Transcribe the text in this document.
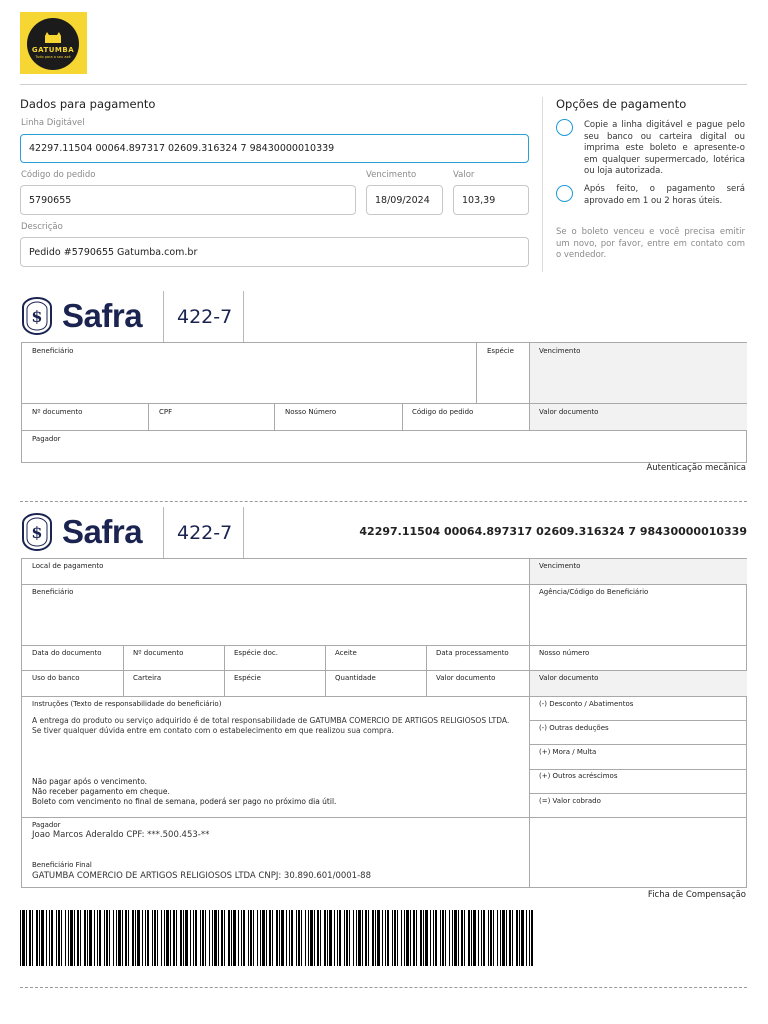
GATUMBA
Tudo para o seu axé
Dados para pagamento
Linha Digitável
42297.11504 00064.897317 02609.316324 7 98430000010339
Código do pedido
5790655
Vencimento
18/09/2024
Valor
103,39
Descrição
Pedido #5790655 Gatumba.com.br
Opções de pagamento
Copie a linha digitável e pague pelo seu banco ou carteira digital ou imprima este boleto e apresente-o em qualquer supermercado, lotérica ou loja autorizada.
Após feito, o pagamento será aprovado em 1 ou 2 horas úteis.
Se o boleto venceu e você precisa emitir um novo, por favor, entre em contato com o vendedor.
$ Safra 422-7
Beneficiário	Espécie	Vencimento
Nº documento	CPF	Nosso Número	Código do pedido	Valor documento
Pagador
Autenticação mecânica
$ Safra 422-7	42297.11504 00064.897317 02609.316324 7 98430000010339
Local de pagamento	Vencimento
Beneficiário	Agência/Código do Beneficiário
Data do documento	Nº documento	Espécie doc.	Aceite	Data processamento	Nosso número
Uso do banco	Carteira	Espécie	Quantidade	Valor documento	Valor documento
Instruções (Texto de responsabilidade do beneficiário)
A entrega do produto ou serviço adquirido é de total responsabilidade de GATUMBA COMERCIO DE ARTIGOS RELIGIOSOS LTDA.
Se tiver qualquer dúvida entre em contato com o estabelecimento em que realizou sua compra.
Não pagar após o vencimento.
Não receber pagamento em cheque.
Boleto com vencimento no final de semana, poderá ser pago no próximo dia útil.
(-) Desconto / Abatimentos
(-) Outras deduções
(+) Mora / Multa
(+) Outros acréscimos
(=) Valor cobrado
Pagador
Joao Marcos Aderaldo CPF: ***.500.453-**
Beneficiário Final
GATUMBA COMERCIO DE ARTIGOS RELIGIOSOS LTDA CNPJ: 30.890.601/0001-88
Ficha de Compensação
